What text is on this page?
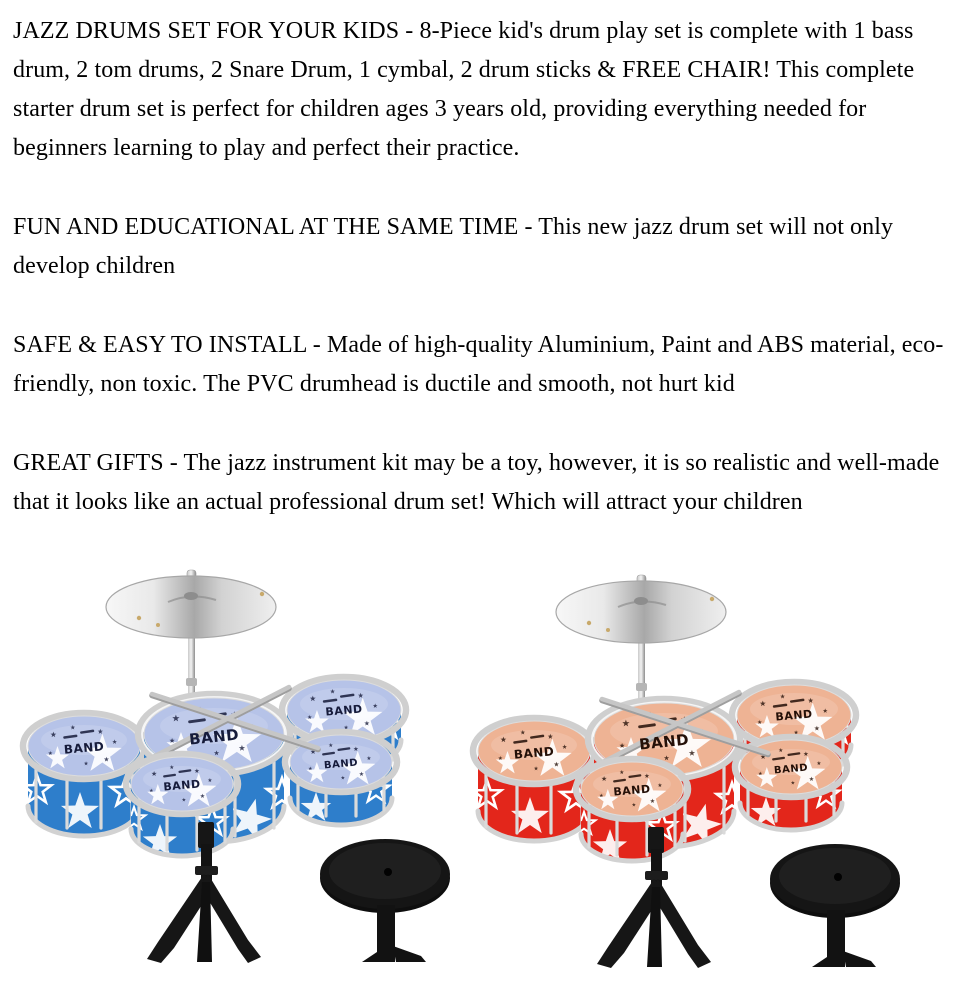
JAZZ DRUMS SET FOR YOUR KIDS - 8-Piece kid's drum play set is complete with 1 bass drum, 2 tom drums, 2 Snare Drum, 1 cymbal, 2 drum sticks & FREE CHAIR! This complete starter drum set is perfect for children ages 3 years old, providing everything needed for beginners learning to play and perfect their practice.

FUN AND EDUCATIONAL AT THE SAME TIME - This new jazz drum set will not only develop children

SAFE & EASY TO INSTALL - Made of high-quality Aluminium, Paint and ABS material, eco-friendly, non toxic. The PVC drumhead is ductile and smooth, not hurt kid

GREAT GIFTS - The jazz instrument kit may be a toy, however, it is so realistic and well-made that it looks like an actual professional drum set! Which will attract your children

BAND
BAND
BAND
BAND
BAND
BAND
BAND
BAND
BAND
BAND
